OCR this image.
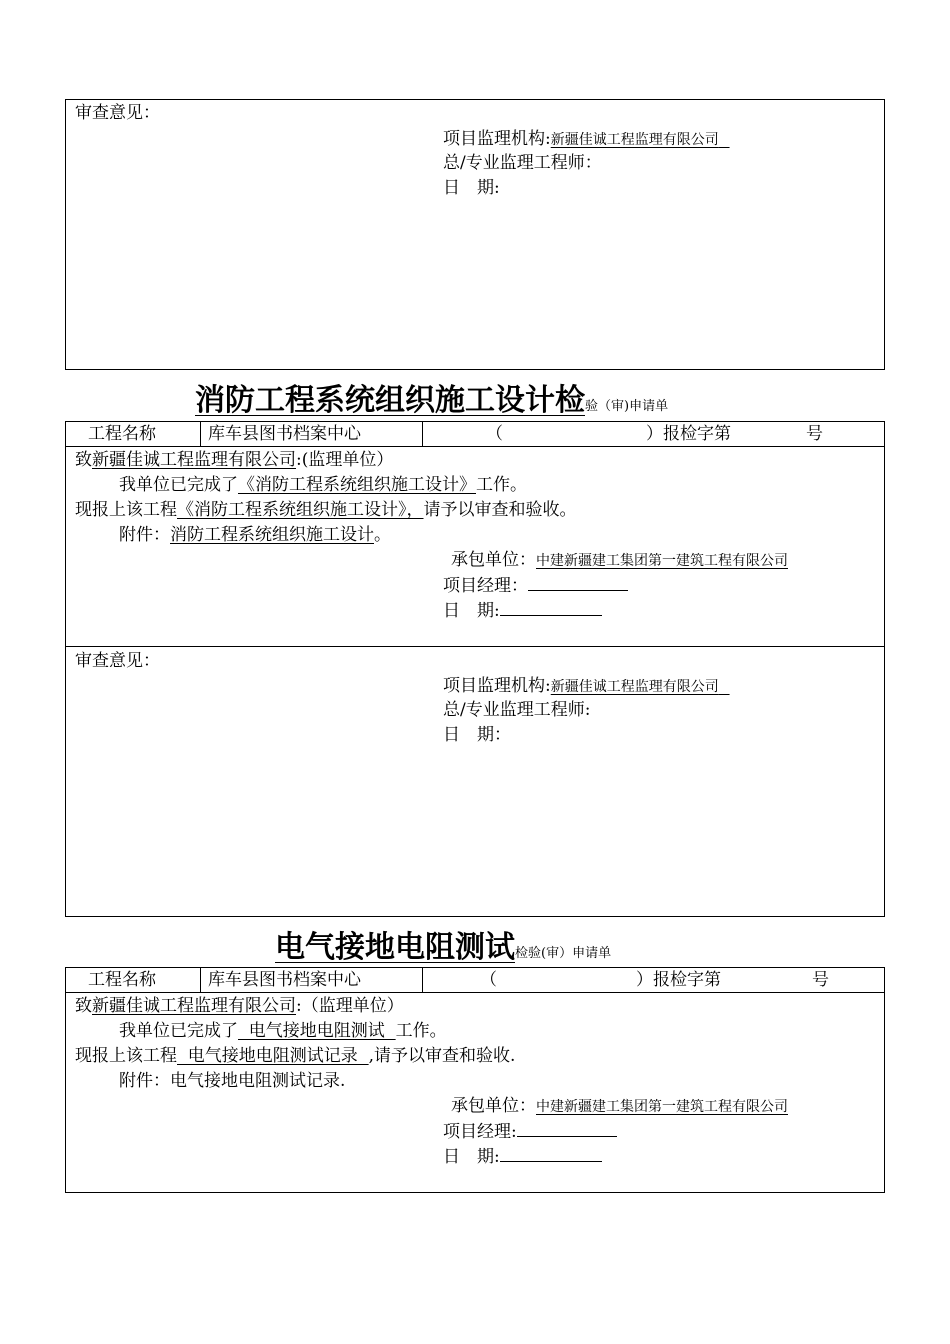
审查意见：
项目监理机构:新疆佳诚工程监理有限公司
总/专业监理工程师：
日　期:
消防工程系统组织施工设计检验（审)申请单
工程名称	库车县图书档案中心	（	）报检字第	号
致新疆佳诚工程监理有限公司:(监理单位）
我单位已完成了《消防工程系统组织施工设计》工作。
现报上该工程《消防工程系统组织施工设计》，请予以审查和验收。
附件：消防工程系统组织施工设计。
承包单位：中建新疆建工集团第一建筑工程有限公司
项目经理：
日　期:
审查意见：
项目监理机构:新疆佳诚工程监理有限公司
总/专业监理工程师:
日　期：
电气接地电阻测试检验(审）申请单
工程名称	库车县图书档案中心	（	）报检字第	号
致新疆佳诚工程监理有限公司:（监理单位）
我单位已完成了  电气接地电阻测试  工作。
现报上该工程  电气接地电阻测试记录  ,请予以审查和验收.
附件：电气接地电阻测试记录.
承包单位：中建新疆建工集团第一建筑工程有限公司
项目经理:
日　期:
